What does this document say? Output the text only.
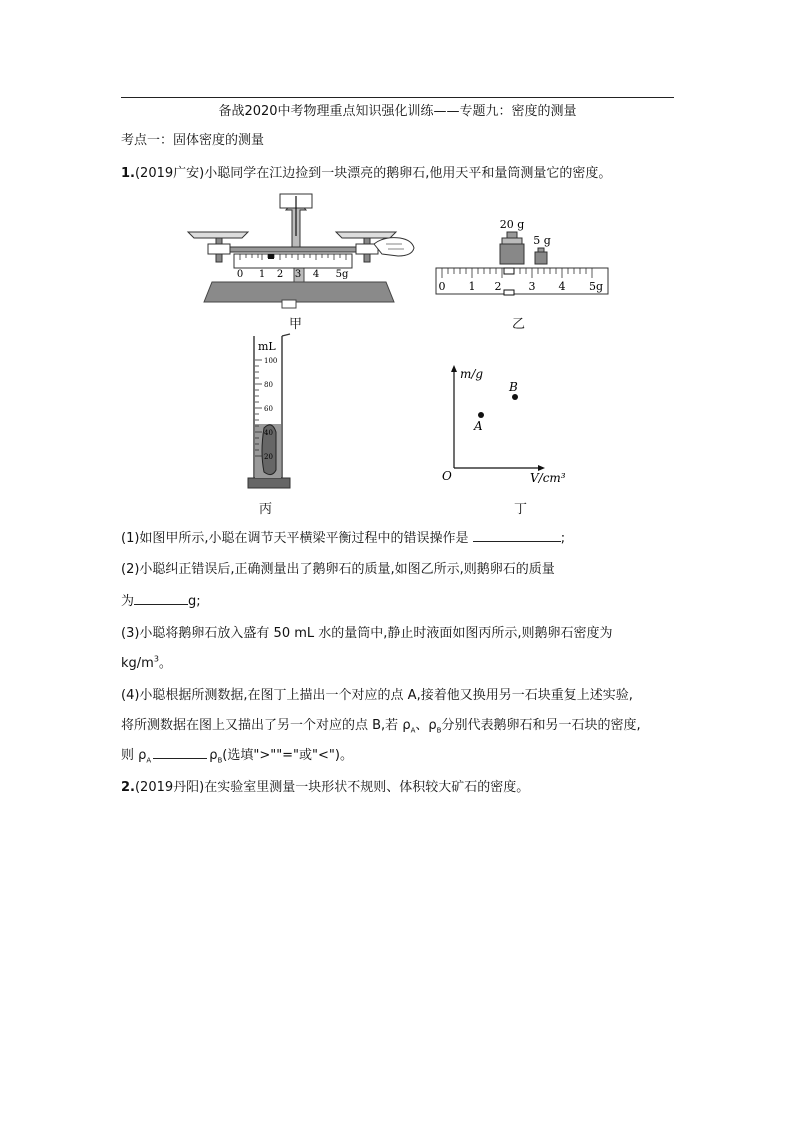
备战2020中考物理重点知识强化训练——专题九：密度的测量
考点一：固体密度的测量
1.(2019广安)小聪同学在江边捡到一块漂亮的鹅卵石,他用天平和量筒测量它的密度。
0 1 2 3 4 5g
甲
20 g
5 g
0 1 2 3 4 5g
乙
mL
100
80
60
40
20
丙
m/g
V/cm³
O
A
B
丁
(1)如图甲所示,小聪在调节天平横梁平衡过程中的错误操作是	;
(2)小聪纠正错误后,正确测量出了鹅卵石的质量,如图乙所示,则鹅卵石的质量
为	g;
(3)小聪将鹅卵石放入盛有 50 mL 水的量筒中,静止时液面如图丙所示,则鹅卵石密度为
$kg/m^3$。
(4)小聪根据所测数据,在图丁上描出一个对应的点 A,接着他又换用另一石块重复上述实验,
将所测数据在图上又描出了另一个对应的点 B,若 $\rho_A$、$\rho_B$分别代表鹅卵石和另一石块的密度,
则 $\rho_A$	$\rho_B$(选填">""="或"<")。
2.(2019丹阳)在实验室里测量一块形状不规则、体积较大矿石的密度。
